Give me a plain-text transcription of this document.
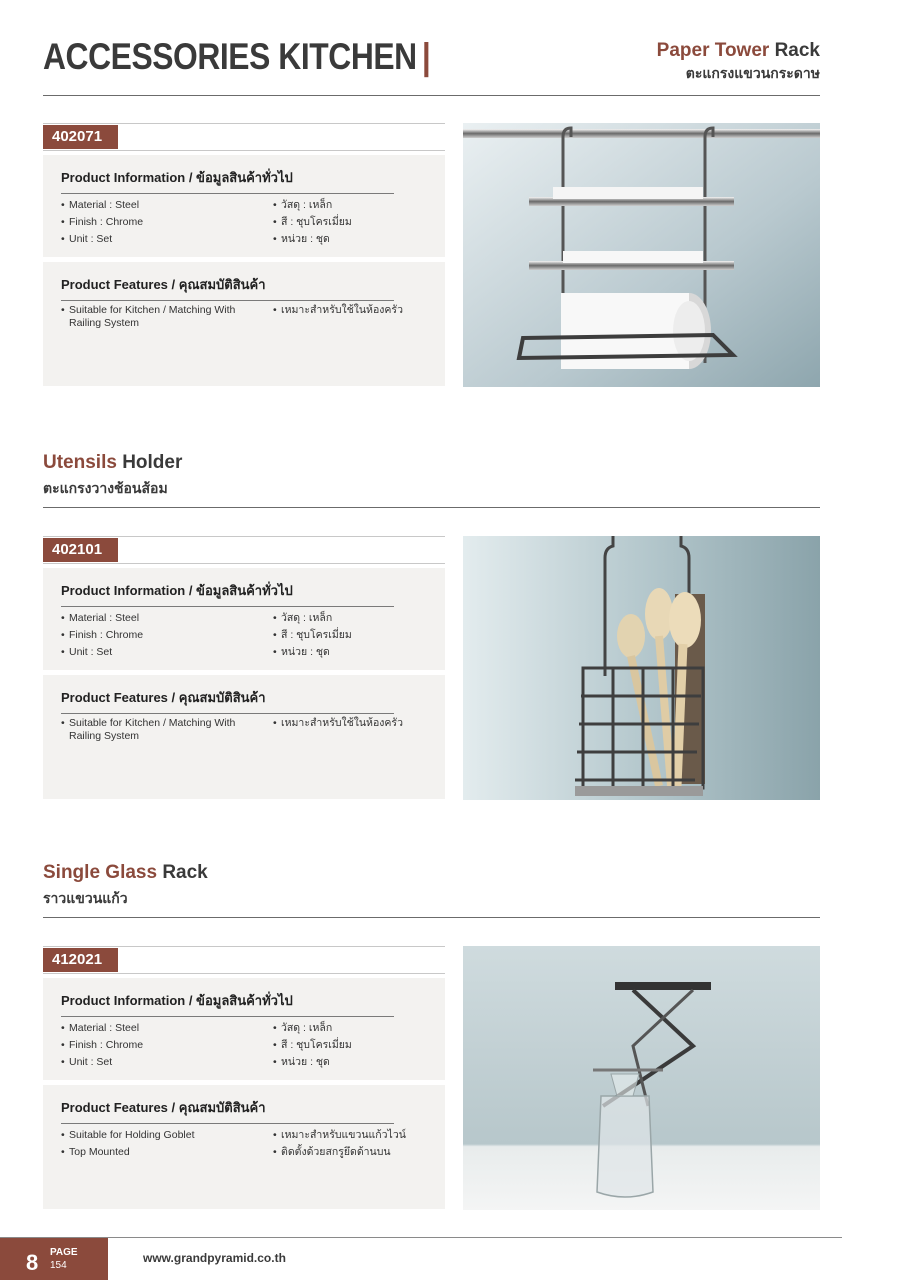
ACCESSORIES KITCHEN |	Paper Tower Rack
ตะแกรงแขวนกระดาษ
402071
Product Information / ข้อมูลสินค้าทั่วไป
• Material : Steel
• Finish : Chrome
• Unit : Set
• วัสดุ : เหล็ก
• สี : ชุบโครเมี่ยม
• หน่วย : ชุด
Product Features / คุณสมบัติสินค้า
• Suitable for Kitchen / Matching With Railing System
• เหมาะสำหรับใช้ในห้องครัว
Utensils Holder
ตะแกรงวางช้อนส้อม
402101
Product Information / ข้อมูลสินค้าทั่วไป
• Material : Steel
• Finish : Chrome
• Unit : Set
• วัสดุ : เหล็ก
• สี : ชุบโครเมี่ยม
• หน่วย : ชุด
Product Features / คุณสมบัติสินค้า
• Suitable for Kitchen / Matching With Railing System
• เหมาะสำหรับใช้ในห้องครัว
Single Glass Rack
ราวแขวนแก้ว
412021
Product Information / ข้อมูลสินค้าทั่วไป
• Material : Steel
• Finish : Chrome
• Unit : Set
• วัสดุ : เหล็ก
• สี : ชุบโครเมี่ยม
• หน่วย : ชุด
Product Features / คุณสมบัติสินค้า
• Suitable for Holding Goblet
• Top Mounted
• เหมาะสำหรับแขวนแก้วไวน์
• ติดตั้งด้วยสกรูยึดด้านบน
8 PAGE
154
www.grandpyramid.co.th
